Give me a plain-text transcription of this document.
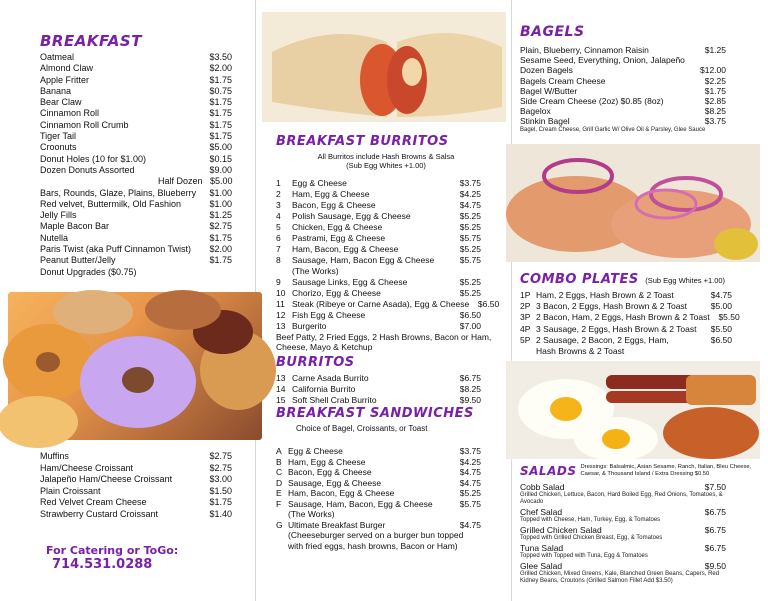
BREAKFAST
Oatmeal	$3.50
Almond Claw	$2.00
Apple Fritter	$1.75
Banana	$0.75
Bear Claw	$1.75
Cinnamon Roll	$1.75
Cinnamon Roll Crumb	$1.75
Tiger Tail	$1.75
Croonuts	$5.00
Donut Holes (10 for $1.00)	$0.15
Dozen Donuts Assorted	$9.00
Half Dozen $5.00
Bars, Rounds, Glaze, Plains, Blueberry	$1.00
Red velvet, Buttermilk, Old Fashion	$1.00
Jelly Fills	$1.25
Maple Bacon Bar	$2.75
Nutella	$1.75
Paris Twist (aka Puff Cinnamon Twist)	$2.00
Peanut Butter/Jelly	$1.75
Donut Upgrades ($0.75)
Muffins	$2.75
Ham/Cheese Croissant	$2.75
Jalapeño Ham/Cheese Croissant	$3.00
Plain Croissant	$1.50
Red Velvet Cream Cheese	$1.75
Strawberry Custard Croissant	$1.40
For Catering or ToGo: 714.531.0288
BREAKFAST BURRITOS
All Burritos include Hash Browns & Salsa
(Sub Egg Whites +1.00)
1 Egg & Cheese	$3.75
2 Ham, Egg & Cheese	$4.25
3 Bacon, Egg & Cheese	$4.75
4 Polish Sausage, Egg & Cheese	$5.25
5 Chicken, Egg & Cheese	$5.25
6 Pastrami, Egg & Cheese	$5.75
7 Ham, Bacon, Egg & Cheese	$5.25
8 Sausage, Ham, Bacon Egg & Cheese	$5.75
(The Works)
9 Sausage Links, Egg & Cheese	$5.25
10 Chorizo, Egg & Cheese	$5.25
11 Steak (Ribeye or Carne Asada), Egg & Cheese	$6.50
12 Fish Egg & Cheese	$6.50
13 Burgerito	$7.00
Beef Patty, 2 Fried Eggs, 2 Hash Browns, Bacon or Ham,
Cheese, Mayo & Ketchup
BURRITOS
13 Carne Asada Burrito	$6.75
14 California Burrito	$8.25
15 Soft Shell Crab Burrito	$9.50
BREAKFAST SANDWICHES
Choice of Bagel, Croissants, or Toast
A Egg & Cheese	$3.75
B Ham, Egg & Cheese	$4.25
C Bacon, Egg & Cheese	$4.75
D Sausage, Egg & Cheese	$4.75
E Ham, Bacon, Egg & Cheese	$5.25
F Sausage, Ham, Bacon, Egg & Cheese	$5.75
(The Works)
G Ultimate Breakfast Burger	$4.75
(Cheeseburger served on a burger bun topped
with fried eggs, hash browns, Bacon or Ham)
BAGELS
Plain, Blueberry, Cinnamon Raisin	$1.25
Sesame Seed, Everything, Onion, Jalapeño
Dozen Bagels	$12.00
Bagels Cream Cheese	$2.25
Bagel W/Butter	$1.75
Side Cream Cheese (2oz) $0.85 (8oz)	$2.85
Bagelox	$8.25
Stinkin Bagel	$3.75
Bagel, Cream Cheese, Grill Garlic W/ Olive Oil & Parsley, Glee Sauce
COMBO PLATES (Sub Egg Whites +1.00)
1P Ham, 2 Eggs, Hash Brown & 2 Toast	$4.75
2P 3 Bacon, 2 Eggs, Hash Brown & 2 Toast	$5.00
3P 2 Bacon, Ham, 2 Eggs, Hash Brown & 2 Toast	$5.50
4P 3 Sausage, 2 Eggs, Hash Brown & 2 Toast	$5.50
5P 2 Sausage, 2 Bacon, 2 Eggs, Ham,	$6.50
Hash Browns & 2 Toast
SALADS Dressings: Balsalmic, Asian Sesame, Ranch, Italian, Bleu Cheese, Caesar, & Thousand Island / Extra Dressing $0.50
Cobb Salad	$7.50
Grilled Chicken, Lettuce, Bacon, Hard Boiled Egg, Red Onions, Tomatoes, & Avocado
Chef Salad	$6.75
Topped with Cheese, Ham, Turkey, Egg, & Tomatoes
Grilled Chicken Salad	$6.75
Topped with Grilled Chicken Breast, Egg, & Tomatoes
Tuna Salad	$6.75
Topped with Topped with Tuna, Egg & Tomatoes
Glee Salad	$9.50
Grilled Chicken, Mixed Greens, Kale, Blanched Green Beans, Capers, Red Kidney Beans, Croutons (Grilled Salmon Fillet Add $3.50)
